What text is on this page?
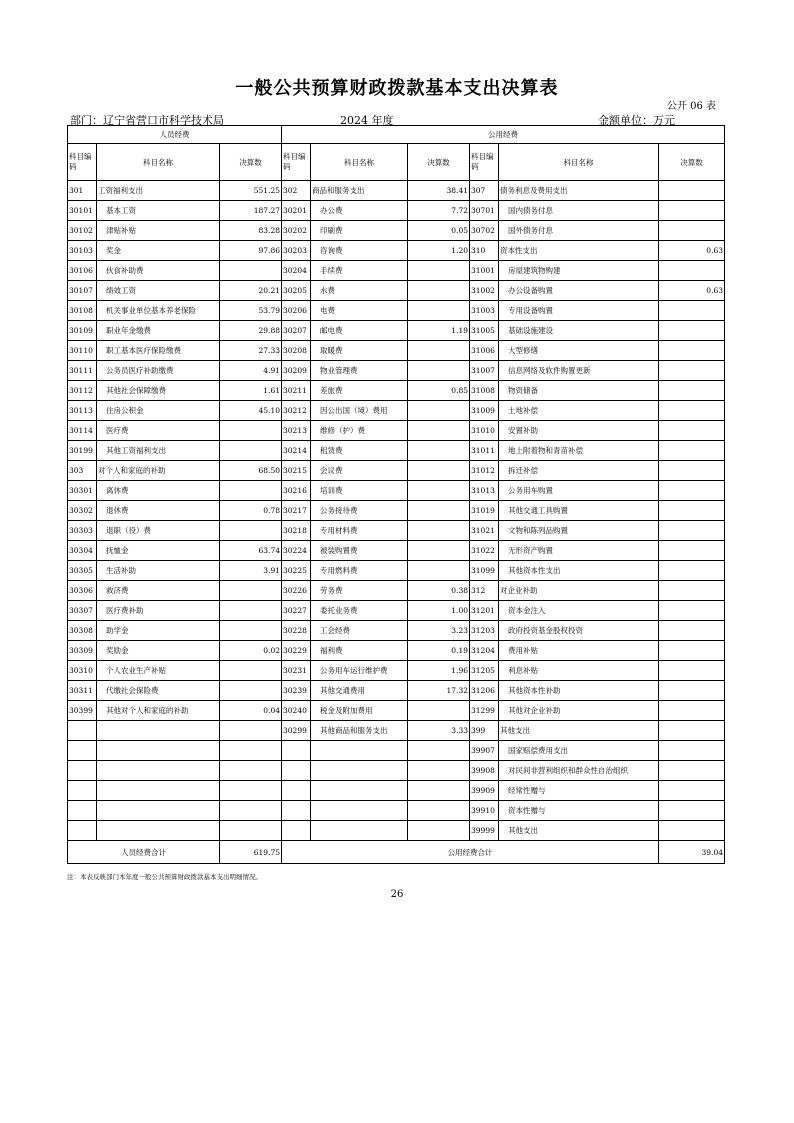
一般公共预算财政拨款基本支出决算表
公开 06 表
部门：辽宁省营口市科学技术局	2024 年度	金额单位：万元
人员经费			公用经费					
科目编码	科目名称	决算数	科目编码	科目名称	决算数	科目编码	科目名称	决算数
301	工资福利支出	551.25	302	商品和服务支出	38.41	307	债务利息及费用支出	
30101	基本工资	187.27	30201	办公费	7.72	30701	国内债务付息	
30102	津贴补贴	83.28	30202	印刷费	0.05	30702	国外债务付息	
30103	奖金	97.86	30203	咨询费	1.20	310	资本性支出	0.63
30106	伙食补助费		30204	手续费		31001	房屋建筑物购建	
30107	绩效工资	20.21	30205	水费		31002	办公设备购置	0.63
30108	机关事业单位基本养老保险	53.79	30206	电费		31003	专用设备购置	
30109	职业年金缴费	29.88	30207	邮电费	1.19	31005	基础设施建设	
30110	职工基本医疗保险缴费	27.33	30208	取暖费		31006	大型修缮	
30111	公务员医疗补助缴费	4.91	30209	物业管理费		31007	信息网络及软件购置更新	
30112	其他社会保障缴费	1.61	30211	差旅费	0.85	31008	物资储备	
30113	住房公积金	45.10	30212	因公出国（境）费用		31009	土地补偿	
30114	医疗费		30213	维修（护）费		31010	安置补助	
30199	其他工资福利支出		30214	租赁费		31011	地上附着物和青苗补偿	
303	对个人和家庭的补助	68.50	30215	会议费		31012	拆迁补偿	
30301	离休费		30216	培训费		31013	公务用车购置	
30302	退休费	0.78	30217	公务接待费		31019	其他交通工具购置	
30303	退职（役）费		30218	专用材料费		31021	文物和陈列品购置	
30304	抚恤金	63.74	30224	被装购置费		31022	无形资产购置	
30305	生活补助	3.91	30225	专用燃料费		31099	其他资本性支出	
30306	救济费		30226	劳务费	0.38	312	对企业补助	
30307	医疗费补助		30227	委托业务费	1.00	31201	资本金注入	
30308	助学金		30228	工会经费	3.23	31203	政府投资基金股权投资	
30309	奖励金	0.02	30229	福利费	0.19	31204	费用补贴	
30310	个人农业生产补贴		30231	公务用车运行维护费	1.96	31205	利息补贴	
30311	代缴社会保险费		30239	其他交通费用	17.32	31206	其他资本性补助	
30399	其他对个人和家庭的补助	0.04	30240	税金及附加费用		31299	其他对企业补助	
			30299	其他商品和服务支出	3.33	399	其他支出	
						39907	国家赔偿费用支出	
						39908	对民间非营利组织和群众性自治组织	
						39909	经常性赠与	
						39910	资本性赠与	
						39999	其他支出	
人员经费合计		619.75	公用经费合计					39.04
注：本表反映部门本年度一般公共预算财政拨款基本支出明细情况。
26
